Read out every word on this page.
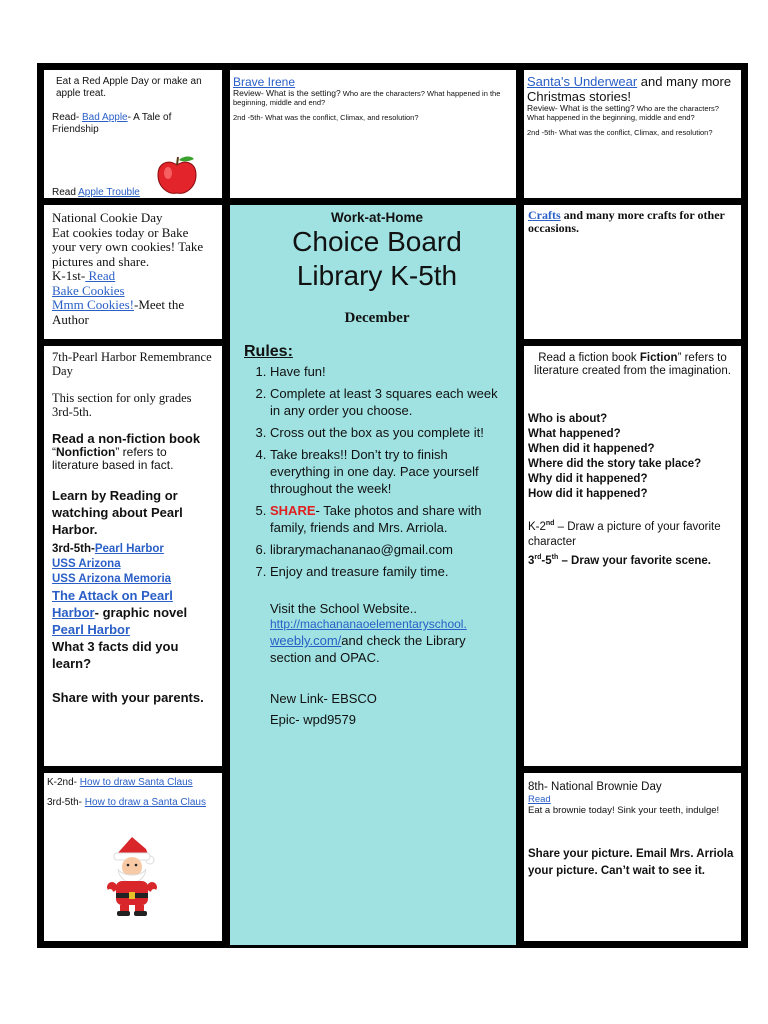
Eat a Red Apple Day or make an apple treat.

Read- Bad Apple- A Tale of Friendship

Read Apple Trouble

Brave Irene

Review- What is the setting? Who are the characters? What happened in the beginning, middle and end?

2nd -5th- What was the conflict, Climax, and resolution?

Santa's Underwear and many more Christmas stories!

Review- What is the setting? Who are the characters? What happened in the beginning, middle and end?

2nd -5th- What was the conflict, Climax, and resolution?

National Cookie Day

Eat cookies today or Bake your very own cookies! Take pictures and share.

K-1st- Read

Bake Cookies

Mmm Cookies!-Meet the Author

Crafts and many more crafts for other occasions.

7th-Pearl Harbor Remembrance Day

This section for only grades 3rd-5th.

Read a non-fiction book

“Nonfiction” refers to literature based in fact.

Learn by Reading or watching about Pearl Harbor.

3rd-5th-Pearl Harbor

USS Arizona

USS Arizona Memoria

The Attack on Pearl Harbor- graphic novel

Pearl Harbor

What 3 facts did you learn?

Share with your parents.

Read a fiction book Fiction” refers to literature created from the imagination.

Who is about?

What happened?

When did it happened?

Where did the story take place?

Why did it happened?

How did it happened?

K-2nd – Draw a picture of your favorite character

3rd-5th – Draw your favorite scene.

K-2nd- How to draw Santa Claus

3rd-5th- How to draw a Santa Claus

8th- National Brownie Day

Read

Eat a brownie today! Sink your teeth, indulge!

Share your picture. Email Mrs. Arriola your picture. Can’t wait to see it.

Work-at-Home

Choice Board

Library K-5th

December

Rules:

1. Have fun!
2. Complete at least 3 squares each week in any order you choose.
3. Cross out the box as you complete it!
4. Take breaks!! Don’t try to finish everything in one day. Pace yourself throughout the week!
5. SHARE- Take photos and share with family, friends and Mrs. Arriola.
6. librarymachananao@gmail.com
7. Enjoy and treasure family time.

Visit the School Website..

http://machananaoelementaryschool.

weebly.com/and check the Library section and OPAC.

New Link- EBSCO

Epic- wpd9579
